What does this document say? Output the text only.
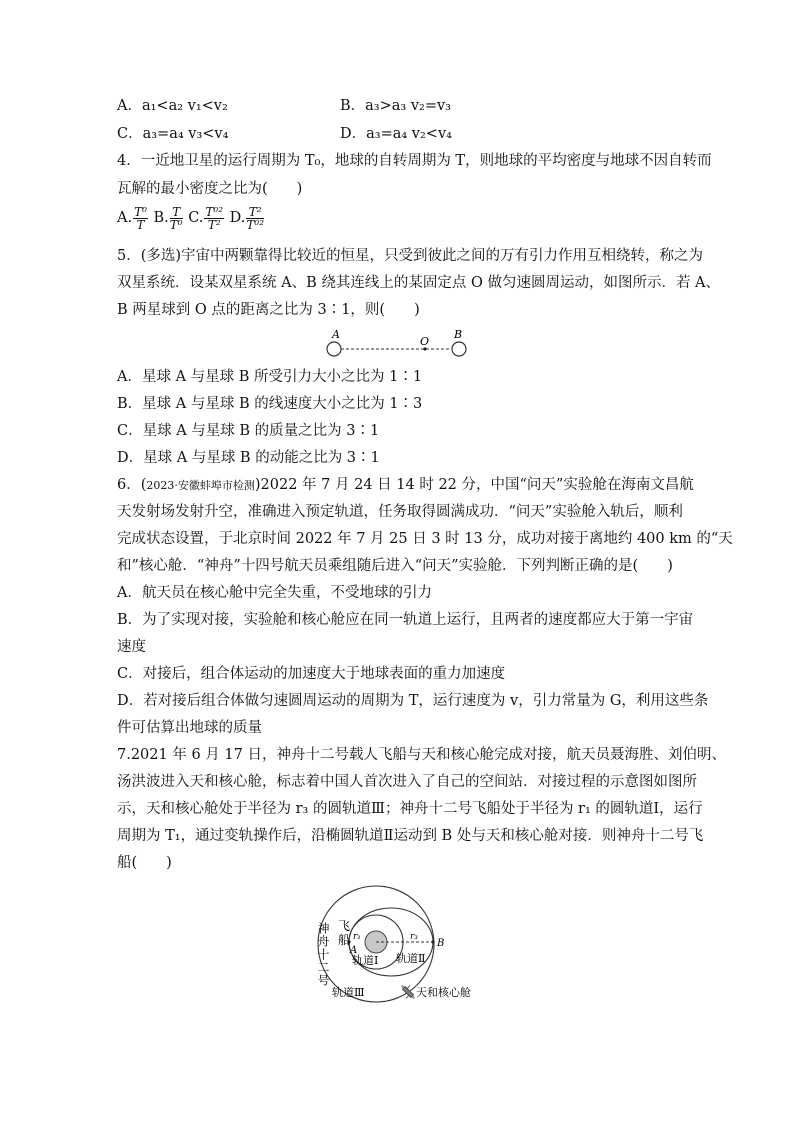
A．a₁<a₂ v₁<v₂	B．a₃>a₃ v₂=v₃
C．a₃=a₄ v₃<v₄	D．a₃=a₄ v₂<v₄
4．一近地卫星的运行周期为 T₀，地球的自转周期为 T，则地球的平均密度与地球不因自转而
瓦解的最小密度之比为(　　)
A. $\frac{\text{T⁰}}{T} B$. $\frac{T}{\text{T⁰}} C$. $\frac{\text{T⁰²}}{\text{T²}} D$. $\frac{\text{T²}}{\text{T⁰²}}$
5．(多选)宇宙中两颗靠得比较近的恒星，只受到彼此之间的万有引力作用互相绕转，称之为
双星系统．设某双星系统 A、B 绕其连线上的某固定点 O 做匀速圆周运动，如图所示．若 A、
B 两星球到 O 点的距离之比为 3∶1，则(　　)
A
O
B
A．星球 A 与星球 B 所受引力大小之比为 1∶1
B．星球 A 与星球 B 的线速度大小之比为 1∶3
C．星球 A 与星球 B 的质量之比为 3∶1
D．星球 A 与星球 B 的动能之比为 3∶1
6．(2023·安徽蚌埠市检测)2022 年 7 月 24 日 14 时 22 分，中国“问天”实验舱在海南文昌航
天发射场发射升空，准确进入预定轨道，任务取得圆满成功．“问天”实验舱入轨后，顺利
完成状态设置，于北京时间 2022 年 7 月 25 日 3 时 13 分，成功对接于离地约 400 km 的“天
和”核心舱．“神舟”十四号航天员乘组随后进入“问天”实验舱．下列判断正确的是(　　)
A．航天员在核心舱中完全失重，不受地球的引力
B．为了实现对接，实验舱和核心舱应在同一轨道上运行，且两者的速度都应大于第一宇宙
速度
C．对接后，组合体运动的加速度大于地球表面的重力加速度
D．若对接后组合体做匀速圆周运动的周期为 T，运行速度为 v，引力常量为 G，利用这些条
件可估算出地球的质量
7.2021 年 6 月 17 日，神舟十二号载人飞船与天和核心舱完成对接，航天员聂海胜、刘伯明、
汤洪波进入天和核心舱，标志着中国人首次进入了自己的空间站．对接过程的示意图如图所
示，天和核心舱处于半径为 r₃ 的圆轨道Ⅲ；神舟十二号飞船处于半径为 r₁ 的圆轨道Ⅰ，运行
周期为 T₁，通过变轨操作后，沿椭圆轨道Ⅱ运动到 B 处与天和核心舱对接．则神舟十二号飞
船(　　)
神舟十二号 飞
船
A
r₁	r₃
B
轨道Ⅰ 轨道Ⅱ
轨道Ⅲ	天和核心舱
